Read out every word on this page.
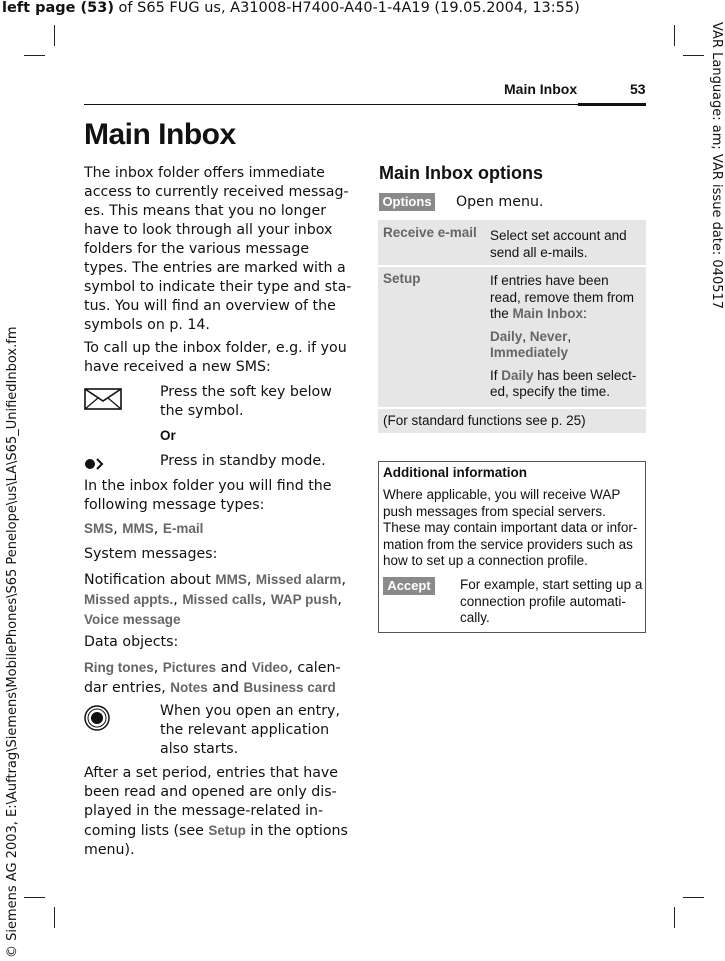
left page (53) of S65 FUG us, A31008-H7400-A40-1-4A19 (19.05.2004, 13:55)
VAR Language: am; VAR issue date: 040517
© Siemens AG 2003, E:\Auftrag\Siemens\MobilePhones\S65 Penelope\us\LA\S65_UnifiedInbox.fm
Main Inbox	53
Main Inbox
The inbox folder offers immediate
access to currently received messag-
es. This means that you no longer
have to look through all your inbox
folders for the various message
types. The entries are marked with a
symbol to indicate their type and sta-
tus. You will find an overview of the
symbols on p. 14.
To call up the inbox folder, e.g. if you
have received a new SMS:
Press the soft key below
the symbol.
Or
Press in standby mode.
In the inbox folder you will find the
following message types:
SMS, MMS, E-mail
System messages:
Notification about MMS, Missed alarm,
Missed appts., Missed calls, WAP push,
Voice message
Data objects:
Ring tones, Pictures and Video, calen-
dar entries, Notes and Business card
When you open an entry,
the relevant application
also starts.
After a set period, entries that have
been read and opened are only dis-
played in the message-related in-
coming lists (see Setup in the options
menu).
Main Inbox options
Options Open menu.
Receive e-mail Select set account and
send all e-mails.
Setup	If entries have been
read, remove them from
the Main Inbox:
Daily, Never,
Immediately
If Daily has been select-
ed, specify the time.
(For standard functions see p. 25)
Additional information
Where applicable, you will receive WAP
push messages from special servers.
These may contain important data or infor-
mation from the service providers such as
how to set up a connection profile.
Accept	For example, start setting up a
connection profile automati-
cally.
